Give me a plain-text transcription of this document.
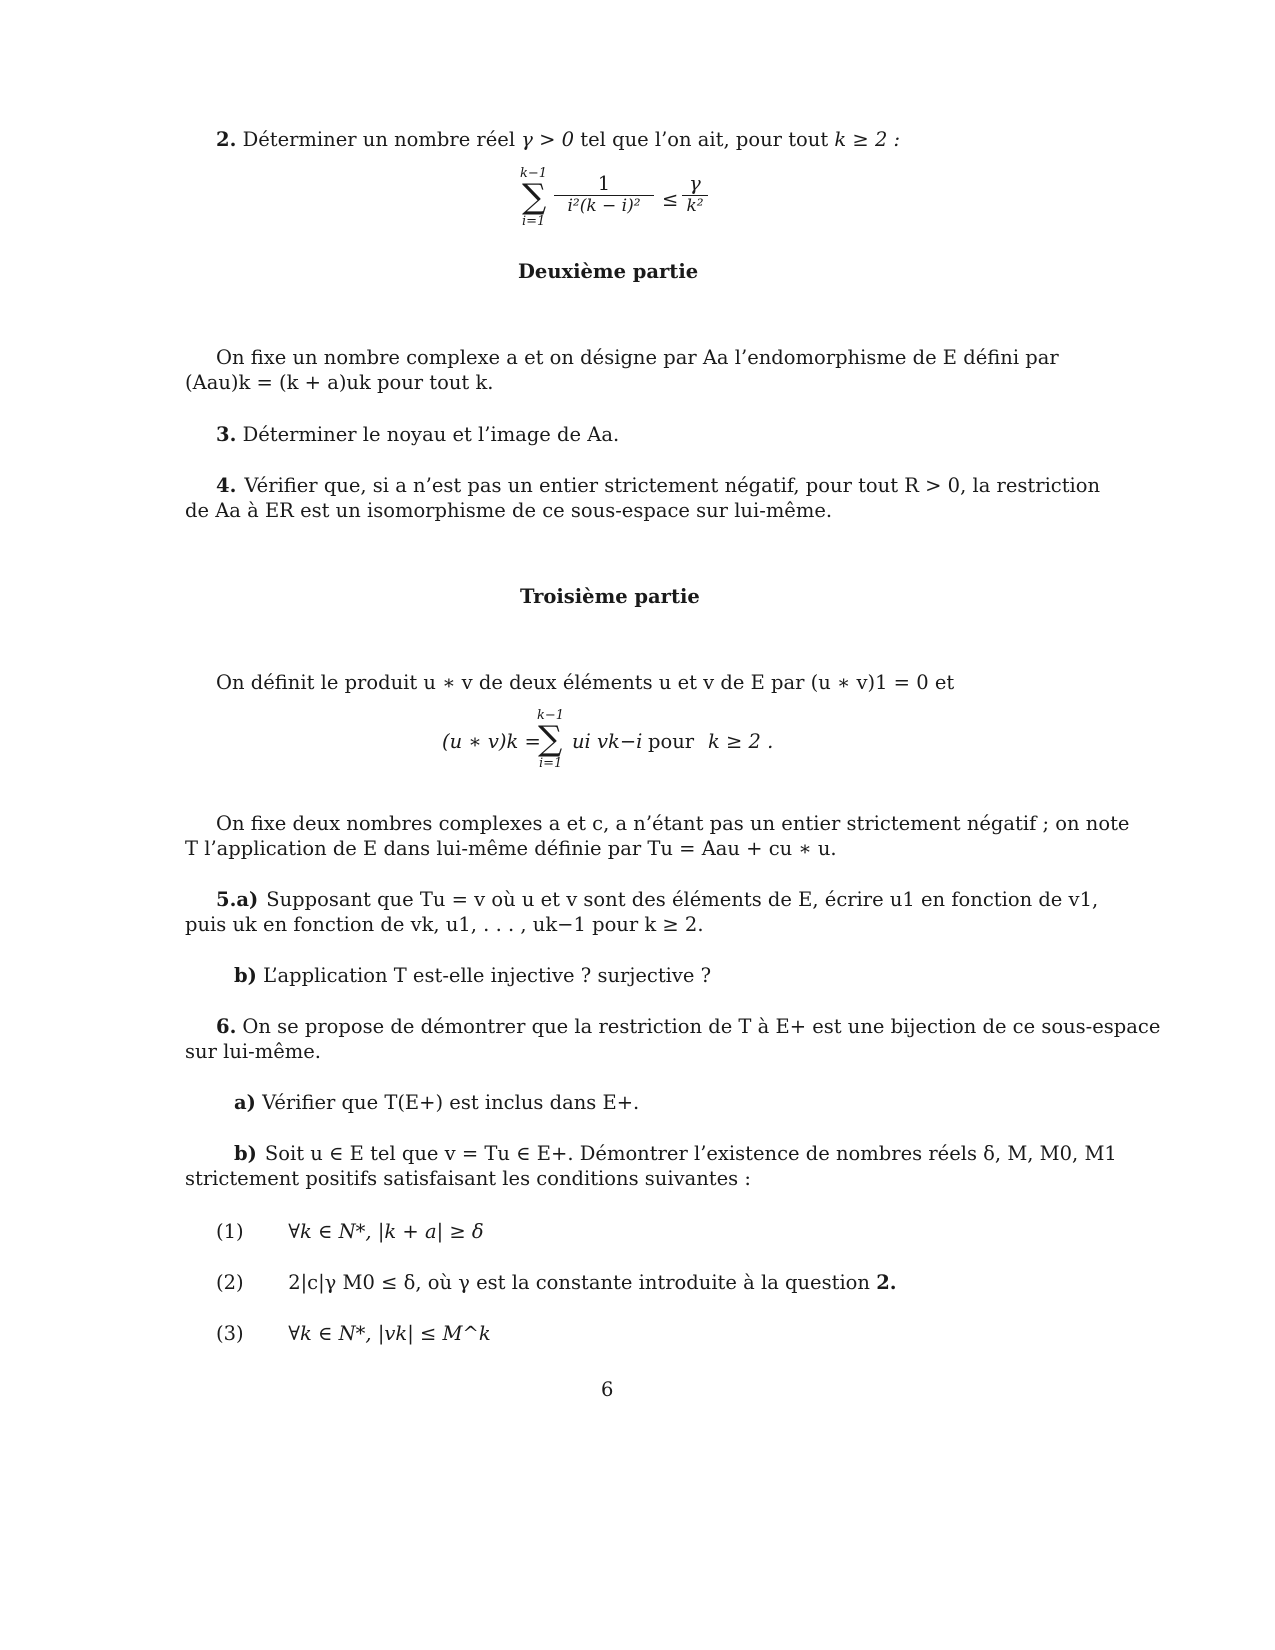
2. Déterminer un nombre réel γ > 0 tel que l’on ait, pour tout k ≥ 2 :
k−1
∑
i=1
$\frac{1}{\text{i²(k − i)²}} \le \frac{\gamma}{\text{k²}}$
Deuxième partie
On fixe un nombre complexe a et on désigne par Aa l’endomorphisme de E défini par
(Aau)k = (k + a)uk pour tout k.
3. Déterminer le noyau et l’image de Aa.
4. Vérifier que, si a n’est pas un entier strictement négatif, pour tout R > 0, la restriction
de Aa à ER est un isomorphisme de ce sous-espace sur lui-même.
Troisième partie
On définit le produit u ∗ v de deux éléments u et v de E par (u ∗ v)1 = 0 et
(u ∗ v)k =
k−1
∑
i=1
ui vk−i pour k ≥ 2 .
On fixe deux nombres complexes a et c, a n’étant pas un entier strictement négatif ; on note
T l’application de E dans lui-même définie par Tu = Aau + cu ∗ u.
5.a) Supposant que Tu = v où u et v sont des éléments de E, écrire u1 en fonction de v1,
puis uk en fonction de vk, u1, . . . , uk−1 pour k ≥ 2.
b) L’application T est-elle injective ? surjective ?
6. On se propose de démontrer que la restriction de T à E+ est une bijection de ce sous-espace
sur lui-même.
a) Vérifier que T(E+) est inclus dans E+.
b) Soit u ∈ E tel que v = Tu ∈ E+. Démontrer l’existence de nombres réels δ, M, M0, M1
strictement positifs satisfaisant les conditions suivantes :
(1) ∀k ∈ N*, |k + a| ≥ δ
(2) 2|c|γ M0 ≤ δ, où γ est la constante introduite à la question 2.
(3) ∀k ∈ N*, |vk| ≤ M^k
6
